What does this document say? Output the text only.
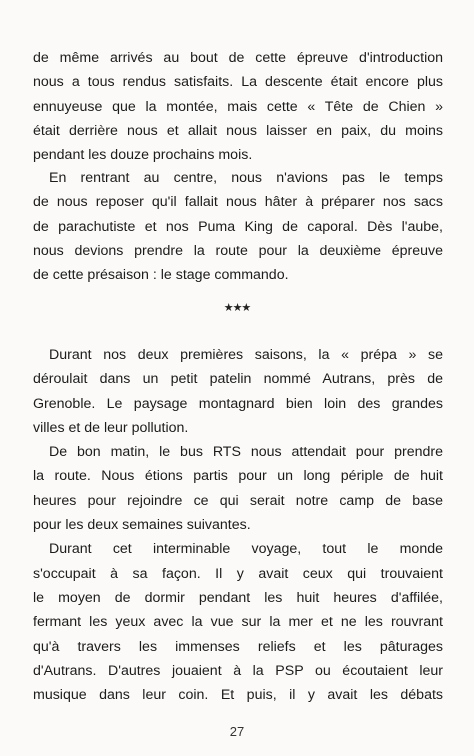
de même arrivés au bout de cette épreuve d'introduction
nous a tous rendus satisfaits. La descente était encore plus
ennuyeuse que la montée, mais cette « Tête de Chien »
était derrière nous et allait nous laisser en paix, du moins
pendant les douze prochains mois.
En rentrant au centre, nous n'avions pas le temps
de nous reposer qu'il fallait nous hâter à préparer nos sacs
de parachutiste et nos Puma King de caporal. Dès l'aube,
nous devions prendre la route pour la deuxième épreuve
de cette présaison : le stage commando.
★★★
Durant nos deux premières saisons, la « prépa » se
déroulait dans un petit patelin nommé Autrans, près de
Grenoble. Le paysage montagnard bien loin des grandes
villes et de leur pollution.
De bon matin, le bus RTS nous attendait pour prendre
la route. Nous étions partis pour un long périple de huit
heures pour rejoindre ce qui serait notre camp de base
pour les deux semaines suivantes.
Durant cet interminable voyage, tout le monde
s'occupait à sa façon. Il y avait ceux qui trouvaient
le moyen de dormir pendant les huit heures d'affilée,
fermant les yeux avec la vue sur la mer et ne les rouvrant
qu'à travers les immenses reliefs et les pâturages
d'Autrans. D'autres jouaient à la PSP ou écoutaient leur
musique dans leur coin. Et puis, il y avait les débats
27
